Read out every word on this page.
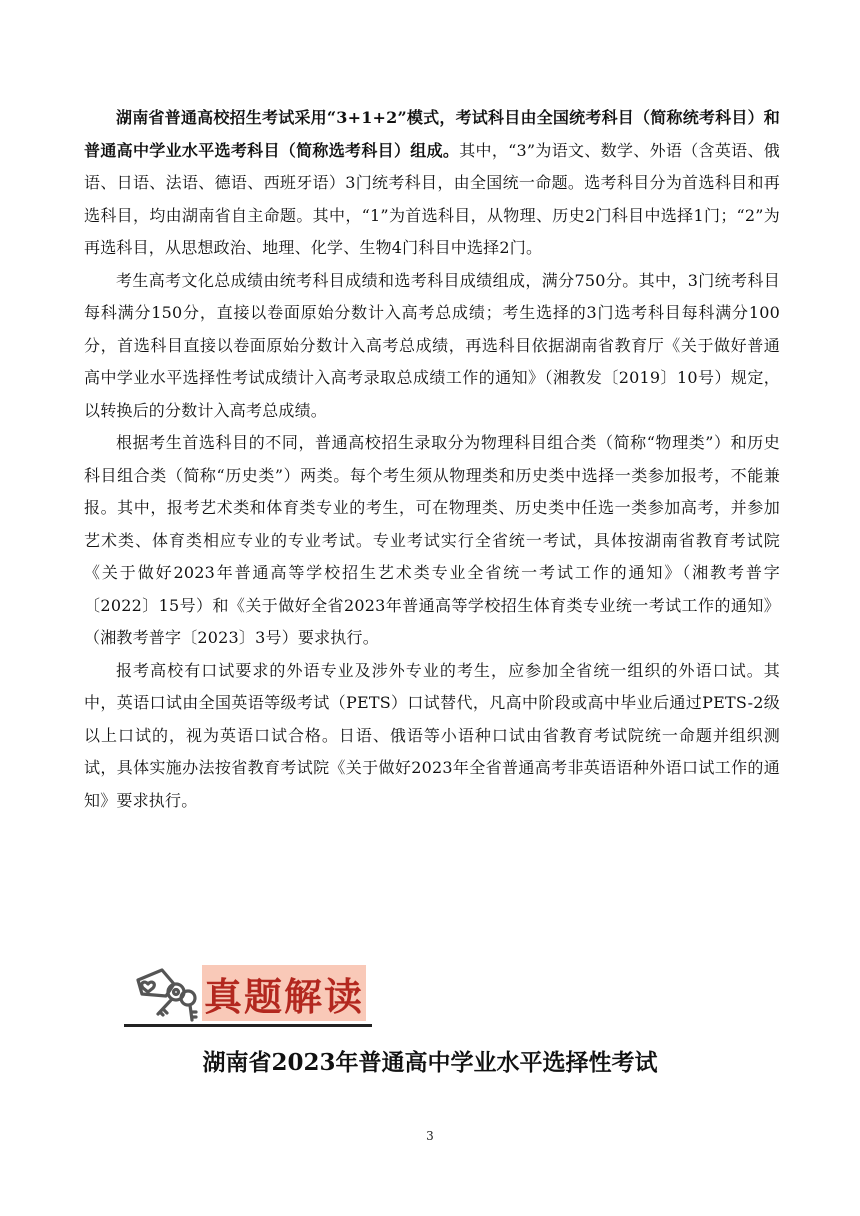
湖南省普通高校招生考试采用“3+1+2”模式，考试科目由全国统考科目（简称统考科目）和普通高中学业水平选考科目（简称选考科目）组成。其中，“3”为语文、数学、外语（含英语、俄语、日语、法语、德语、西班牙语）3门统考科目，由全国统一命题。选考科目分为首选科目和再选科目，均由湖南省自主命题。其中，“1”为首选科目，从物理、历史2门科目中选择1门；“2”为再选科目，从思想政治、地理、化学、生物4门科目中选择2门。

考生高考文化总成绩由统考科目成绩和选考科目成绩组成，满分750分。其中，3门统考科目每科满分150分，直接以卷面原始分数计入高考总成绩；考生选择的3门选考科目每科满分100分，首选科目直接以卷面原始分数计入高考总成绩，再选科目依据湖南省教育厅《关于做好普通高中学业水平选择性考试成绩计入高考录取总成绩工作的通知》（湘教发〔2019〕10号）规定，以转换后的分数计入高考总成绩。

根据考生首选科目的不同，普通高校招生录取分为物理科目组合类（简称“物理类”）和历史科目组合类（简称“历史类”）两类。每个考生须从物理类和历史类中选择一类参加报考，不能兼报。其中，报考艺术类和体育类专业的考生，可在物理类、历史类中任选一类参加高考，并参加艺术类、体育类相应专业的专业考试。专业考试实行全省统一考试，具体按湖南省教育考试院《关于做好2023年普通高等学校招生艺术类专业全省统一考试工作的通知》（湘教考普字〔2022〕15号）和《关于做好全省2023年普通高等学校招生体育类专业统一考试工作的通知》（湘教考普字〔2023〕3号）要求执行。

报考高校有口试要求的外语专业及涉外专业的考生，应参加全省统一组织的外语口试。其中，英语口试由全国英语等级考试（PETS）口试替代，凡高中阶段或高中毕业后通过PETS-2级以上口试的，视为英语口试合格。日语、俄语等小语种口试由省教育考试院统一命题并组织测试，具体实施办法按省教育考试院《关于做好2023年全省普通高考非英语语种外语口试工作的通知》要求执行。

真题解读
湖南省2023年普通高中学业水平选择性考试
3
